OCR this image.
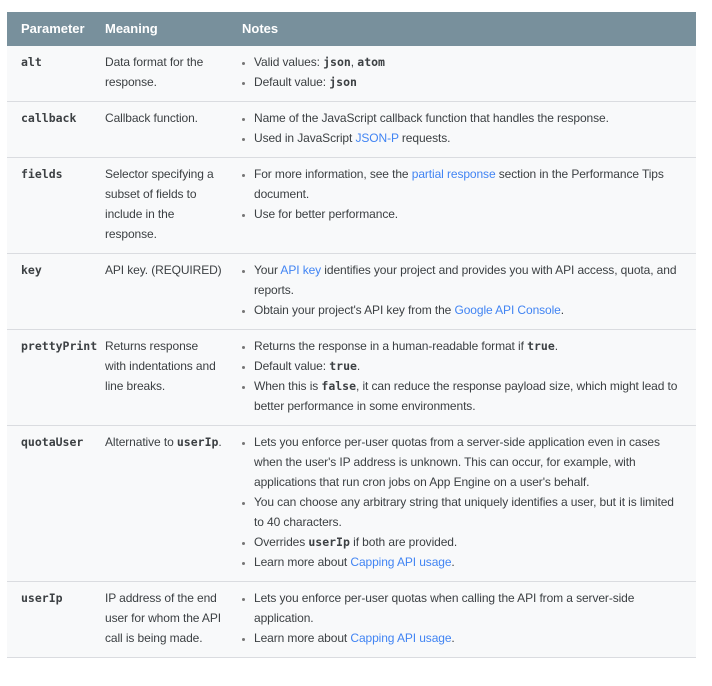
Parameter	Meaning	Notes
alt	Data format for the response.	
• Valid values: json, atom
• Default value: json

callback	Callback function.	
•Name of the JavaScript callback function that handles the response.
• Used in JavaScript JSON-P requests.

fields	Selector specifying a subset of fields to include in the response.	
• For more information, see the partial response section in the Performance Tips document.
• Use for better performance.

key	API key. (REQUIRED)	
•Your API key identifies your project and provides you with API access, quota, and reports.
• Obtain your project's API key from the Google API Console.

prettyPrint	Returns response with indentations and line breaks.	
• Returns the response in a human-readable format if true.
• Default value: true.
• When this is false, it can reduce the response payload size, which might lead to better performance in some environments.

quotaUser	Alternative to userIp.	
•Lets you enforce per-user quotas from a server-side application even in cases when the user's IP address is unknown. This can occur, for example, with applications that run cron jobs on App Engine on a user's behalf.
• You can choose any arbitrary string that uniquely identifies a user, but it is limited to 40 characters.
• Overrides userIp if both are provided.
• Learn more about Capping API usage.

userIp	IP address of the end user for whom the API call is being made.	
• Lets you enforce per-user quotas when calling the API from a server-side application.
• Learn more about Capping API usage.
